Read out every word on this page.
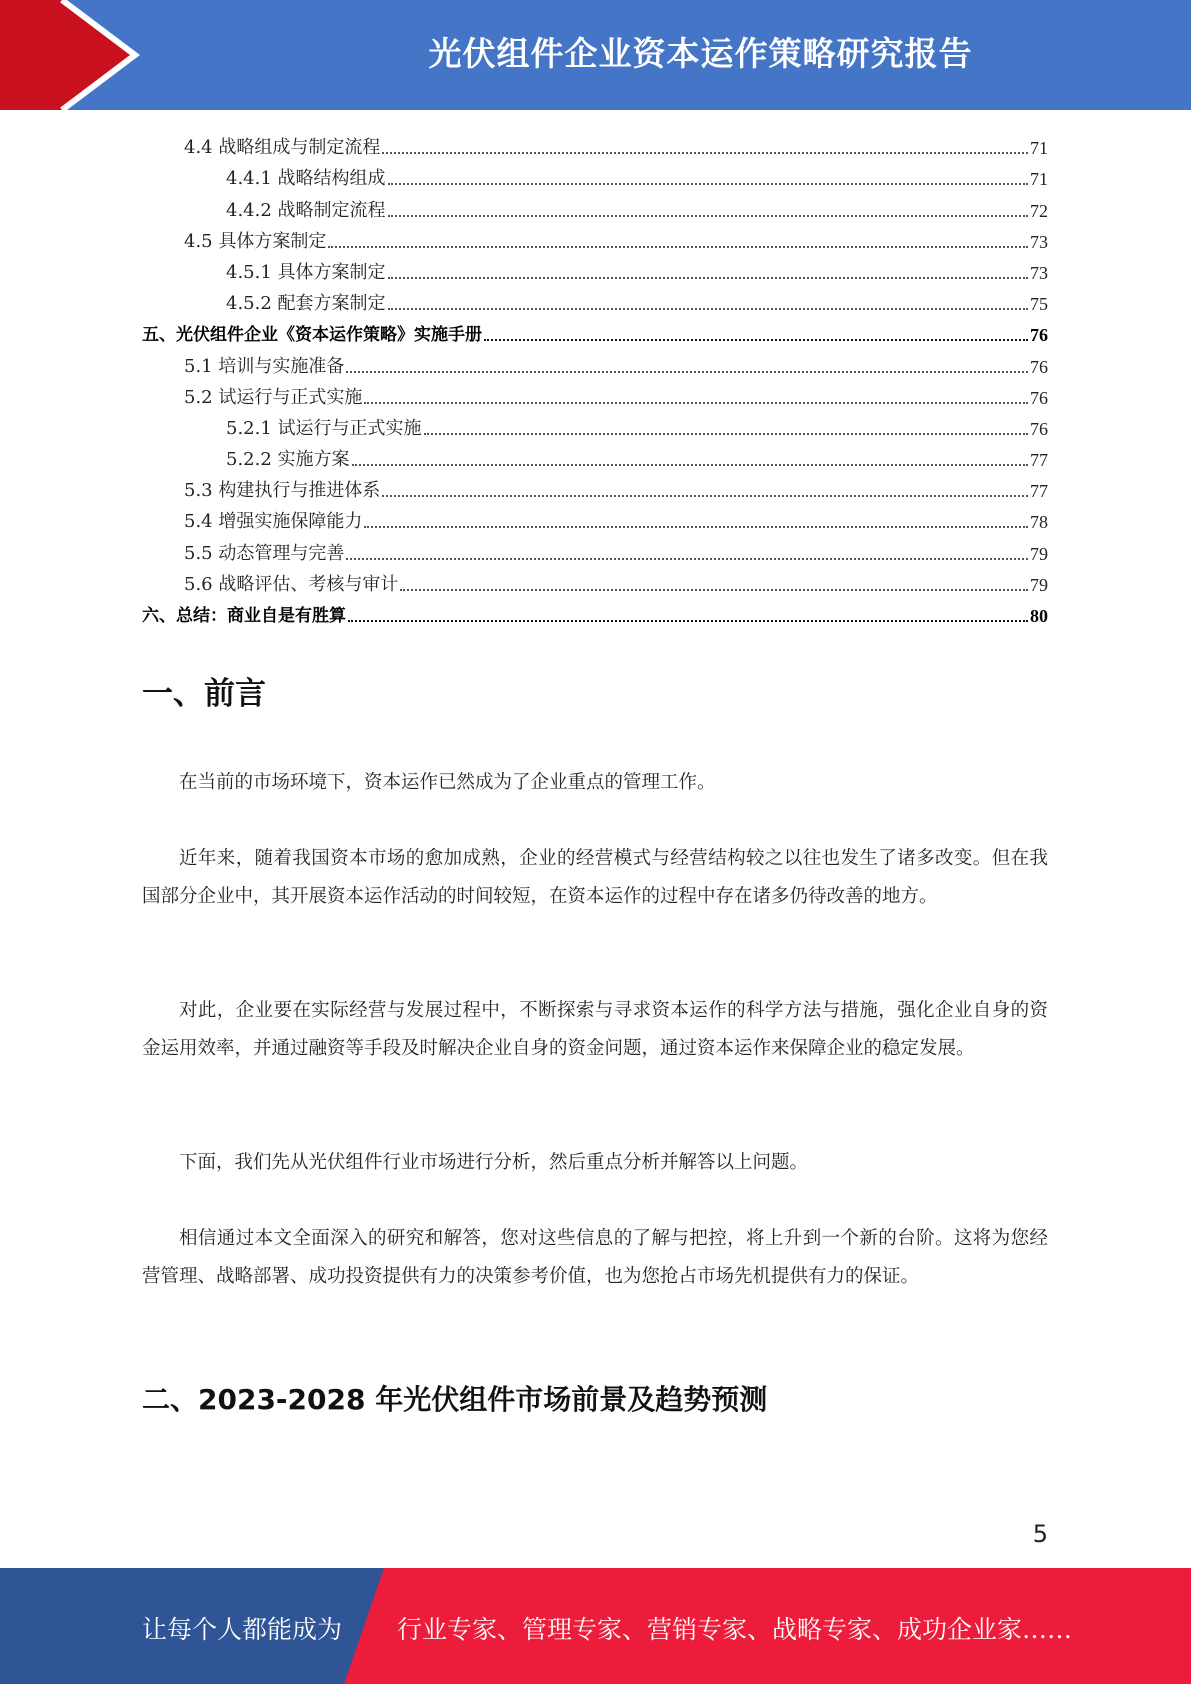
光伏组件企业资本运作策略研究报告
4.4 战略组成与制定流程	71
4.4.1 战略结构组成	71
4.4.2 战略制定流程	72
4.5 具体方案制定	73
4.5.1 具体方案制定	73
4.5.2 配套方案制定	75
五、光伏组件企业《资本运作策略》实施手册	76
5.1 培训与实施准备	76
5.2 试运行与正式实施	76
5.2.1 试运行与正式实施	76
5.2.2 实施方案	77
5.3 构建执行与推进体系	77
5.4 增强实施保障能力	78
5.5 动态管理与完善	79
5.6 战略评估、考核与审计	79
六、总结：商业自是有胜算	80
一、前言

在当前的市场环境下，资本运作已然成为了企业重点的管理工作。

近年来，随着我国资本市场的愈加成熟，企业的经营模式与经营结构较之以往也发生了诸多改变。但在我国部分企业中，其开展资本运作活动的时间较短，在资本运作的过程中存在诸多仍待改善的地方。

对此，企业要在实际经营与发展过程中，不断探索与寻求资本运作的科学方法与措施，强化企业自身的资金运用效率，并通过融资等手段及时解决企业自身的资金问题，通过资本运作来保障企业的稳定发展。

下面，我们先从光伏组件行业市场进行分析，然后重点分析并解答以上问题。

相信通过本文全面深入的研究和解答，您对这些信息的了解与把控，将上升到一个新的台阶。这将为您经营管理、战略部署、成功投资提供有力的决策参考价值，也为您抢占市场先机提供有力的保证。

二、2023-2028 年光伏组件市场前景及趋势预测
5
让每个人都能成为 行业专家、管理专家、营销专家、战略专家、成功企业家……
